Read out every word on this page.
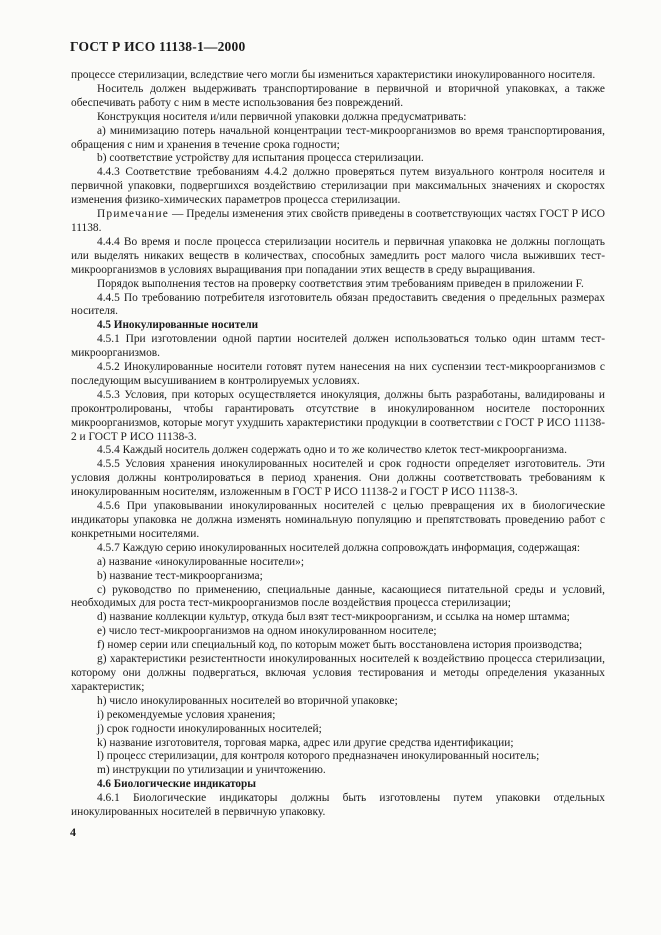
ГОСТ Р ИСО 11138-1—2000

процессе стерилизации, вследствие чего могли бы измениться характеристики инокулированного носителя.

Носитель должен выдерживать транспортирование в первичной и вторичной упаковках, а также обеспечивать работу с ним в месте использования без повреждений.

Конструкция носителя и/или первичной упаковки должна предусматривать:

a) минимизацию потерь начальной концентрации тест-микроорганизмов во время транспортирования, обращения с ним и хранения в течение срока годности;

b) соответствие устройству для испытания процесса стерилизации.

4.4.3 Соответствие требованиям 4.4.2 должно проверяться путем визуального контроля носителя и первичной упаковки, подвергшихся воздействию стерилизации при максимальных значениях и скоростях изменения физико-химических параметров процесса стерилизации.

Примечание — Пределы изменения этих свойств приведены в соответствующих частях ГОСТ Р ИСО 11138.

4.4.4 Во время и после процесса стерилизации носитель и первичная упаковка не должны поглощать или выделять никаких веществ в количествах, способных замедлить рост малого числа выживших тест-микроорганизмов в условиях выращивания при попадании этих веществ в среду выращивания.

Порядок выполнения тестов на проверку соответствия этим требованиям приведен в приложении F.

4.4.5 По требованию потребителя изготовитель обязан предоставить сведения о предельных размерах носителя.

4.5 Инокулированные носители

4.5.1 При изготовлении одной партии носителей должен использоваться только один штамм тест-микроорганизмов.

4.5.2 Инокулированные носители готовят путем нанесения на них суспензии тест-микроорганизмов с последующим высушиванием в контролируемых условиях.

4.5.3 Условия, при которых осуществляется инокуляция, должны быть разработаны, валидированы и проконтролированы, чтобы гарантировать отсутствие в инокулированном носителе посторонних микроорганизмов, которые могут ухудшить характеристики продукции в соответствии с ГОСТ Р ИСО 11138-2 и ГОСТ Р ИСО 11138-3.

4.5.4 Каждый носитель должен содержать одно и то же количество клеток тест-микроорганизма.

4.5.5 Условия хранения инокулированных носителей и срок годности определяет изготовитель. Эти условия должны контролироваться в период хранения. Они должны соответствовать требованиям к инокулированным носителям, изложенным в ГОСТ Р ИСО 11138-2 и ГОСТ Р ИСО 11138-3.

4.5.6 При упаковывании инокулированных носителей с целью превращения их в биологические индикаторы упаковка не должна изменять номинальную популяцию и препятствовать проведению работ с конкретными носителями.

4.5.7 Каждую серию инокулированных носителей должна сопровождать информация, содержащая:

a) название «инокулированные носители»;

b) название тест-микроорганизма;

c) руководство по применению, специальные данные, касающиеся питательной среды и условий, необходимых для роста тест-микроорганизмов после воздействия процесса стерилизации;

d) название коллекции культур, откуда был взят тест-микроорганизм, и ссылка на номер штамма;

e) число тест-микроорганизмов на одном инокулированном носителе;

f) номер серии или специальный код, по которым может быть восстановлена история производства;

g) характеристики резистентности инокулированных носителей к воздействию процесса стерилизации, которому они должны подвергаться, включая условия тестирования и методы определения указанных характеристик;

h) число инокулированных носителей во вторичной упаковке;

i) рекомендуемые условия хранения;

j) срок годности инокулированных носителей;

k) название изготовителя, торговая марка, адрес или другие средства идентификации;

l) процесс стерилизации, для контроля которого предназначен инокулированный носитель;

m) инструкции по утилизации и уничтожению.

4.6 Биологические индикаторы

4.6.1 Биологические индикаторы должны быть изготовлены путем упаковки отдельных инокулированных носителей в первичную упаковку.

4
